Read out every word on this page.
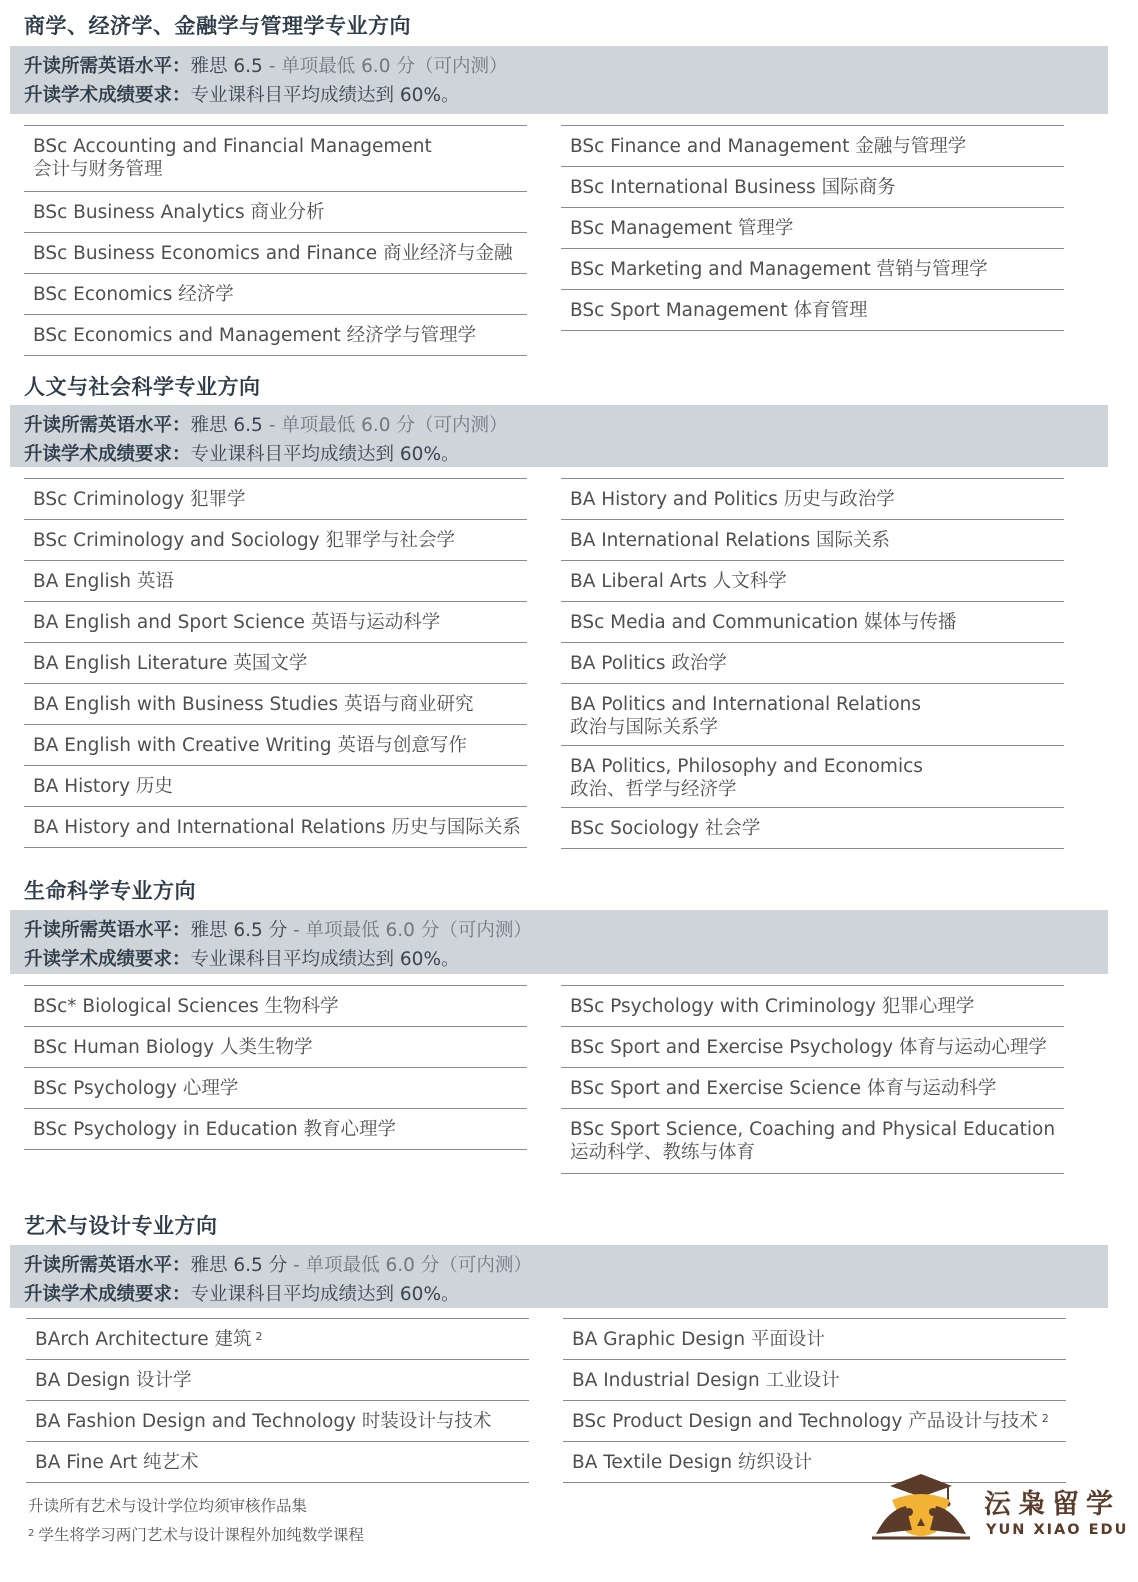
商学、经济学、金融学与管理学专业方向
升读所需英语水平：雅思 6.5 - 单项最低 6.0 分（可内测）
升读学术成绩要求：专业课科目平均成绩达到 60%。
BSc Accounting and Financial Management
会计与财务管理
BSc Business Analytics 商业分析
BSc Business Economics and Finance 商业经济与金融
BSc Economics 经济学
BSc Economics and Management 经济学与管理学
BSc Finance and Management 金融与管理学
BSc International Business 国际商务
BSc Management 管理学
BSc Marketing and Management 营销与管理学
BSc Sport Management 体育管理
人文与社会科学专业方向
升读所需英语水平：雅思 6.5 - 单项最低 6.0 分（可内测）
升读学术成绩要求：专业课科目平均成绩达到 60%。
BSc Criminology 犯罪学
BSc Criminology and Sociology 犯罪学与社会学
BA English 英语
BA English and Sport Science 英语与运动科学
BA English Literature 英国文学
BA English with Business Studies 英语与商业研究
BA English with Creative Writing 英语与创意写作
BA History 历史
BA History and International Relations 历史与国际关系
BA History and Politics 历史与政治学
BA International Relations 国际关系
BA Liberal Arts 人文科学
BSc Media and Communication 媒体与传播
BA Politics 政治学
BA Politics and International Relations
政治与国际关系学
BA Politics, Philosophy and Economics
政治、哲学与经济学
BSc Sociology 社会学
生命科学专业方向
升读所需英语水平：雅思 6.5 分 - 单项最低 6.0 分（可内测）
升读学术成绩要求：专业课科目平均成绩达到 60%。
BSc* Biological Sciences 生物科学
BSc Human Biology 人类生物学
BSc Psychology 心理学
BSc Psychology in Education 教育心理学
BSc Psychology with Criminology 犯罪心理学
BSc Sport and Exercise Psychology 体育与运动心理学
BSc Sport and Exercise Science 体育与运动科学
BSc Sport Science, Coaching and Physical Education
运动科学、教练与体育
艺术与设计专业方向
升读所需英语水平：雅思 6.5 分 - 单项最低 6.0 分（可内测）
升读学术成绩要求：专业课科目平均成绩达到 60%。
BArch Architecture 建筑 $^2$
BA Design 设计学
BA Fashion Design and Technology 时装设计与技术
BA Fine Art 纯艺术
BA Graphic Design 平面设计
BA Industrial Design 工业设计
BSc Product Design and Technology 产品设计与技术 $^2$
BA Textile Design 纺织设计
升读所有艺术与设计学位均须审核作品集
$^2$ 学生将学习两门艺术与设计课程外加纯数学课程
沄枭留学
YUN XIAO EDU
